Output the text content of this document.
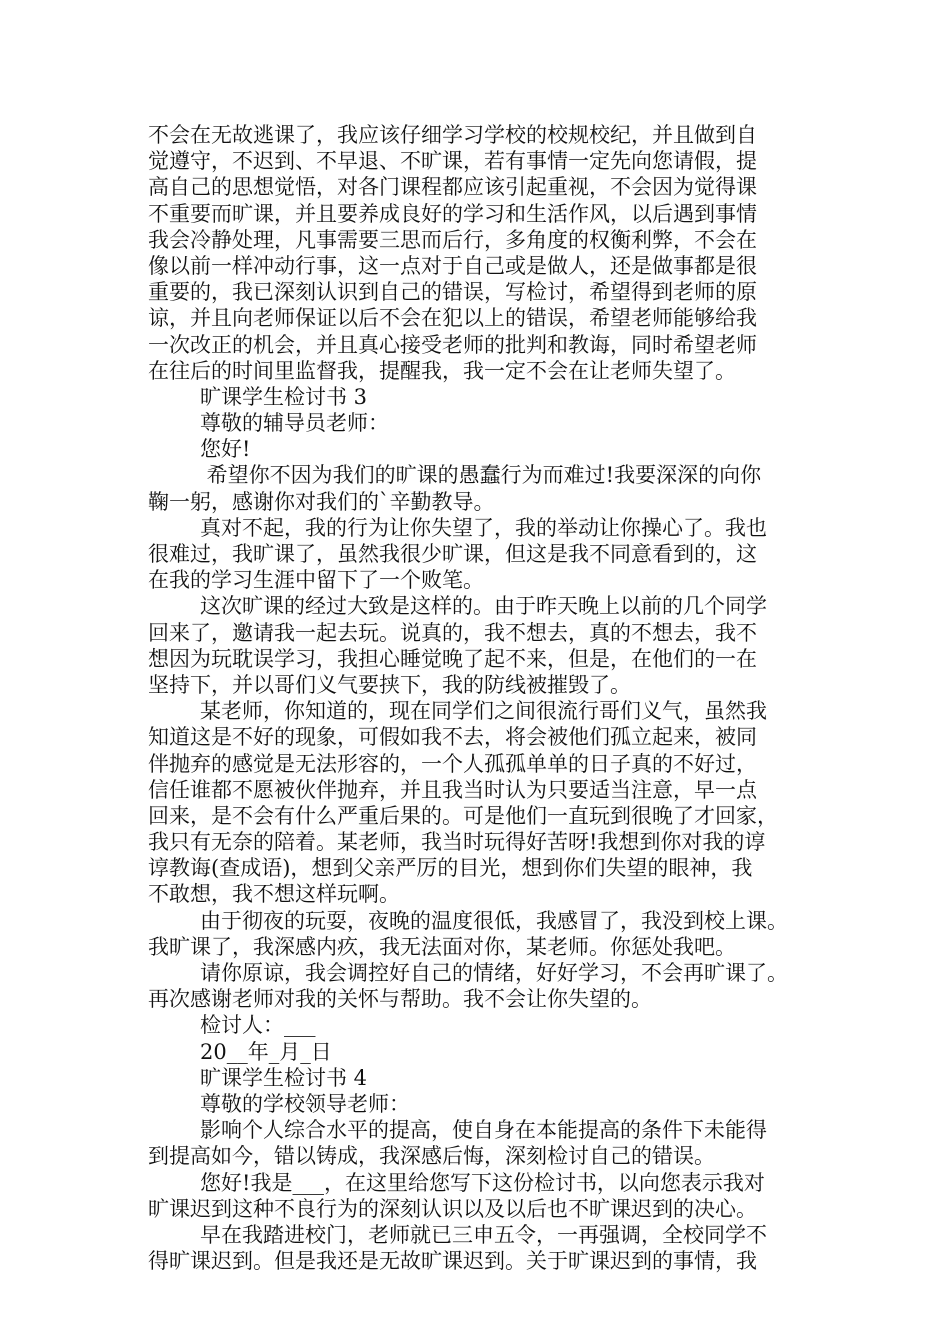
不会在无故逃课了，我应该仔细学习学校的校规校纪，并且做到自
觉遵守，不迟到、不早退、不旷课，若有事情一定先向您请假，提
高自己的思想觉悟，对各门课程都应该引起重视，不会因为觉得课
不重要而旷课，并且要养成良好的学习和生活作风，以后遇到事情
我会冷静处理，凡事需要三思而后行，多角度的权衡利弊，不会在
像以前一样冲动行事，这一点对于自己或是做人，还是做事都是很
重要的，我已深刻认识到自己的错误，写检讨，希望得到老师的原
谅，并且向老师保证以后不会在犯以上的错误，希望老师能够给我
一次改正的机会，并且真心接受老师的批判和教诲，同时希望老师
在往后的时间里监督我，提醒我，我一定不会在让老师失望了。
旷课学生检讨书 3
尊敬的辅导员老师：
您好!
希望你不因为我们的旷课的愚蠢行为而难过!我要深深的向你
鞠一躬，感谢你对我们的`辛勤教导。
真对不起，我的行为让你失望了，我的举动让你操心了。我也
很难过，我旷课了，虽然我很少旷课，但这是我不同意看到的，这
在我的学习生涯中留下了一个败笔。
这次旷课的经过大致是这样的。由于昨天晚上以前的几个同学
回来了，邀请我一起去玩。说真的，我不想去，真的不想去，我不
想因为玩耽误学习，我担心睡觉晚了起不来，但是，在他们的一在
坚持下，并以哥们义气要挟下，我的防线被摧毁了。
某老师，你知道的，现在同学们之间很流行哥们义气，虽然我
知道这是不好的现象，可假如我不去，将会被他们孤立起来，被同
伴抛弃的感觉是无法形容的，一个人孤孤单单的日子真的不好过，
信任谁都不愿被伙伴抛弃，并且我当时认为只要适当注意，早一点
回来，是不会有什么严重后果的。可是他们一直玩到很晚了才回家，
我只有无奈的陪着。某老师，我当时玩得好苦呀!我想到你对我的谆
谆教诲(查成语)，想到父亲严厉的目光，想到你们失望的眼神，我
不敢想，我不想这样玩啊。
由于彻夜的玩耍，夜晚的温度很低，我感冒了，我没到校上课。
我旷课了，我深感内疚，我无法面对你，某老师。你惩处我吧。
请你原谅，我会调控好自己的情绪，好好学习，不会再旷课了。
再次感谢老师对我的关怀与帮助。我不会让你失望的。
检讨人：___
20__年_月_日
旷课学生检讨书 4
尊敬的学校领导老师：
影响个人综合水平的提高，使自身在本能提高的条件下未能得
到提高如今，错以铸成，我深感后悔，深刻检讨自己的错误。
您好!我是___，在这里给您写下这份检讨书，以向您表示我对
旷课迟到这种不良行为的深刻认识以及以后也不旷课迟到的决心。
早在我踏进校门，老师就已三申五令，一再强调，全校同学不
得旷课迟到。但是我还是无故旷课迟到。关于旷课迟到的事情，我
